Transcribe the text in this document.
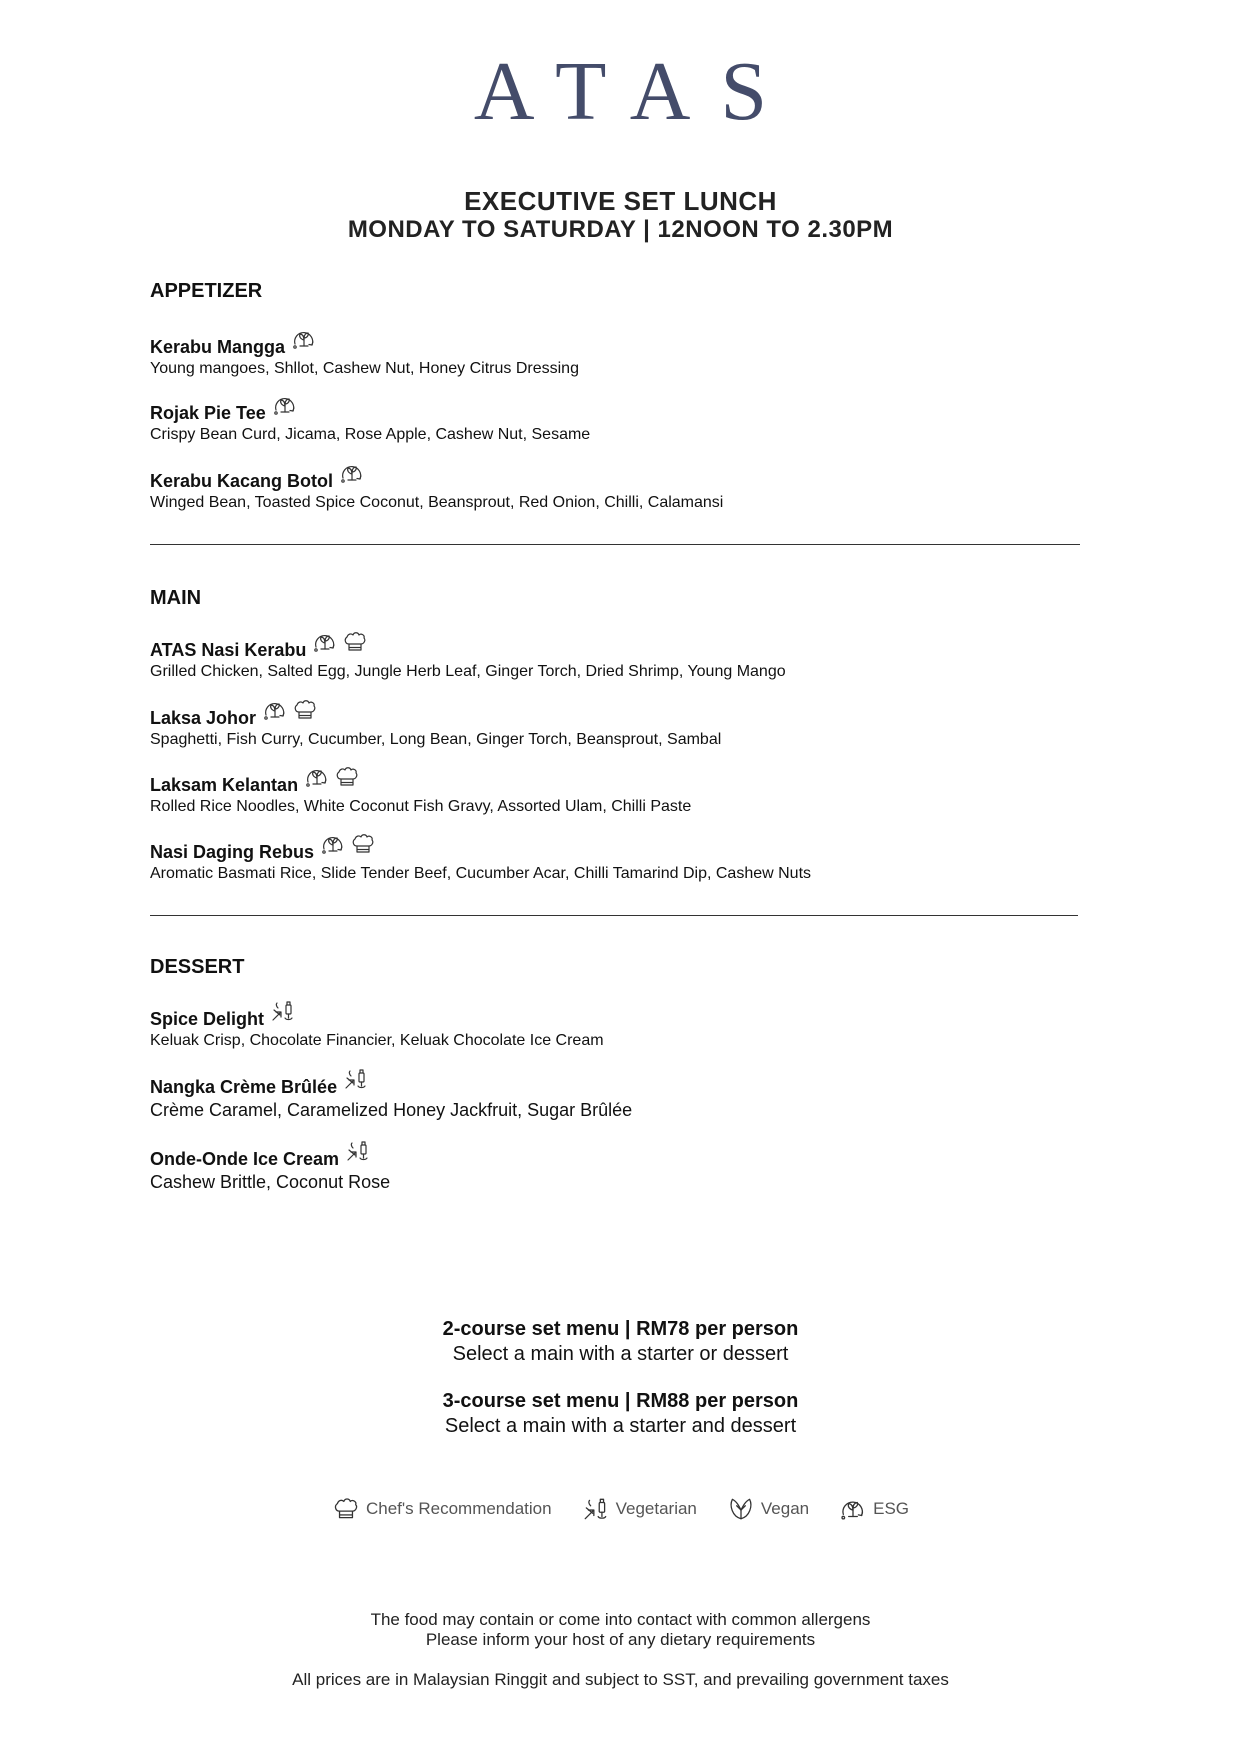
ATAS
EXECUTIVE SET LUNCH
MONDAY TO SATURDAY | 12NOON TO 2.30PM
APPETIZER
Kerabu Mangga
Young mangoes, Shllot, Cashew Nut, Honey Citrus Dressing
Rojak Pie Tee
Crispy Bean Curd, Jicama, Rose Apple, Cashew Nut, Sesame
Kerabu Kacang Botol
Winged Bean, Toasted Spice Coconut, Beansprout, Red Onion, Chilli, Calamansi
MAIN
ATAS Nasi Kerabu
Grilled Chicken, Salted Egg, Jungle Herb Leaf, Ginger Torch, Dried Shrimp, Young Mango
Laksa Johor
Spaghetti, Fish Curry, Cucumber, Long Bean, Ginger Torch, Beansprout, Sambal
Laksam Kelantan
Rolled Rice Noodles, White Coconut Fish Gravy, Assorted Ulam, Chilli Paste
Nasi Daging Rebus
Aromatic Basmati Rice, Slide Tender Beef, Cucumber Acar, Chilli Tamarind Dip, Cashew Nuts
DESSERT
Spice Delight
Keluak Crisp, Chocolate Financier, Keluak Chocolate Ice Cream
Nangka Crème Brûlée
Crème Caramel, Caramelized Honey Jackfruit, Sugar Brûlée
Onde-Onde Ice Cream
Cashew Brittle, Coconut Rose
2-course set menu | RM78 per person
Select a main with a starter or dessert
3-course set menu | RM88 per person
Select a main with a starter and dessert
Chef's Recommendation	Vegetarian	Vegan	ESG
The food may contain or come into contact with common allergens
Please inform your host of any dietary requirements
All prices are in Malaysian Ringgit and subject to SST, and prevailing government taxes
